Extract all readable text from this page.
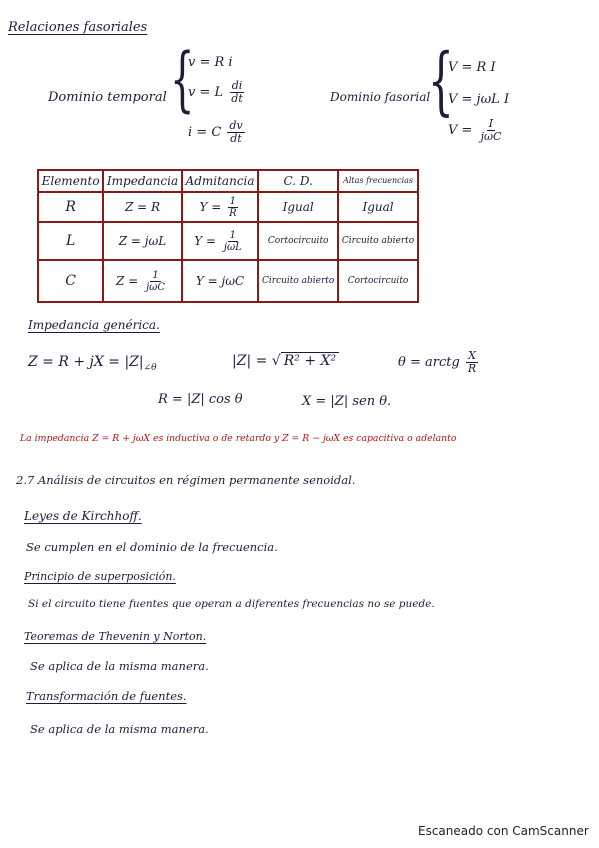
Relaciones fasoriales
Dominio temporal {
v = R i
v = L $\frac{di}{dt}$
i = C $\frac{dv}{dt}$
Dominio fasorial
{
V = R I
V = jωL I
$V = \frac{I}{\text{jωC}}$
Elemento	Impedancia	Admitancia	C. D.	Altas frecuencias
R	Z = R	$Y = \frac{1}{R}$	Igual	Igual
L	Z = jωL	$Y = \frac{1}{\text{jωL}}$	Cortocircuito	Circuito abierto
C	$Z = \frac{1}{\text{jωC}}$	Y = jωC	Circuito abierto	Cortocircuito
Impedancia genérica.
Z = R + jX = $|Z|_{\angle\theta}$	|Z| = √ R² + X²	θ = arctg $\frac{X}{R}$
R = |Z| cos θ	X = |Z| sen θ.
La impedancia Z = R + jωX es inductiva o de retardo y Z = R − jωX es capacitiva o adelanto
2.7 Análisis de circuitos en régimen permanente senoidal.
Leyes de Kirchhoff.
Se cumplen en el dominio de la frecuencia.
Principio de superposición.
Si el circuito tiene fuentes que operan a diferentes frecuencias no se puede.
Teoremas de Thevenin y Norton.
Se aplica de la misma manera.
Transformación de fuentes.
Se aplica de la misma manera.
Escaneado con CamScanner
